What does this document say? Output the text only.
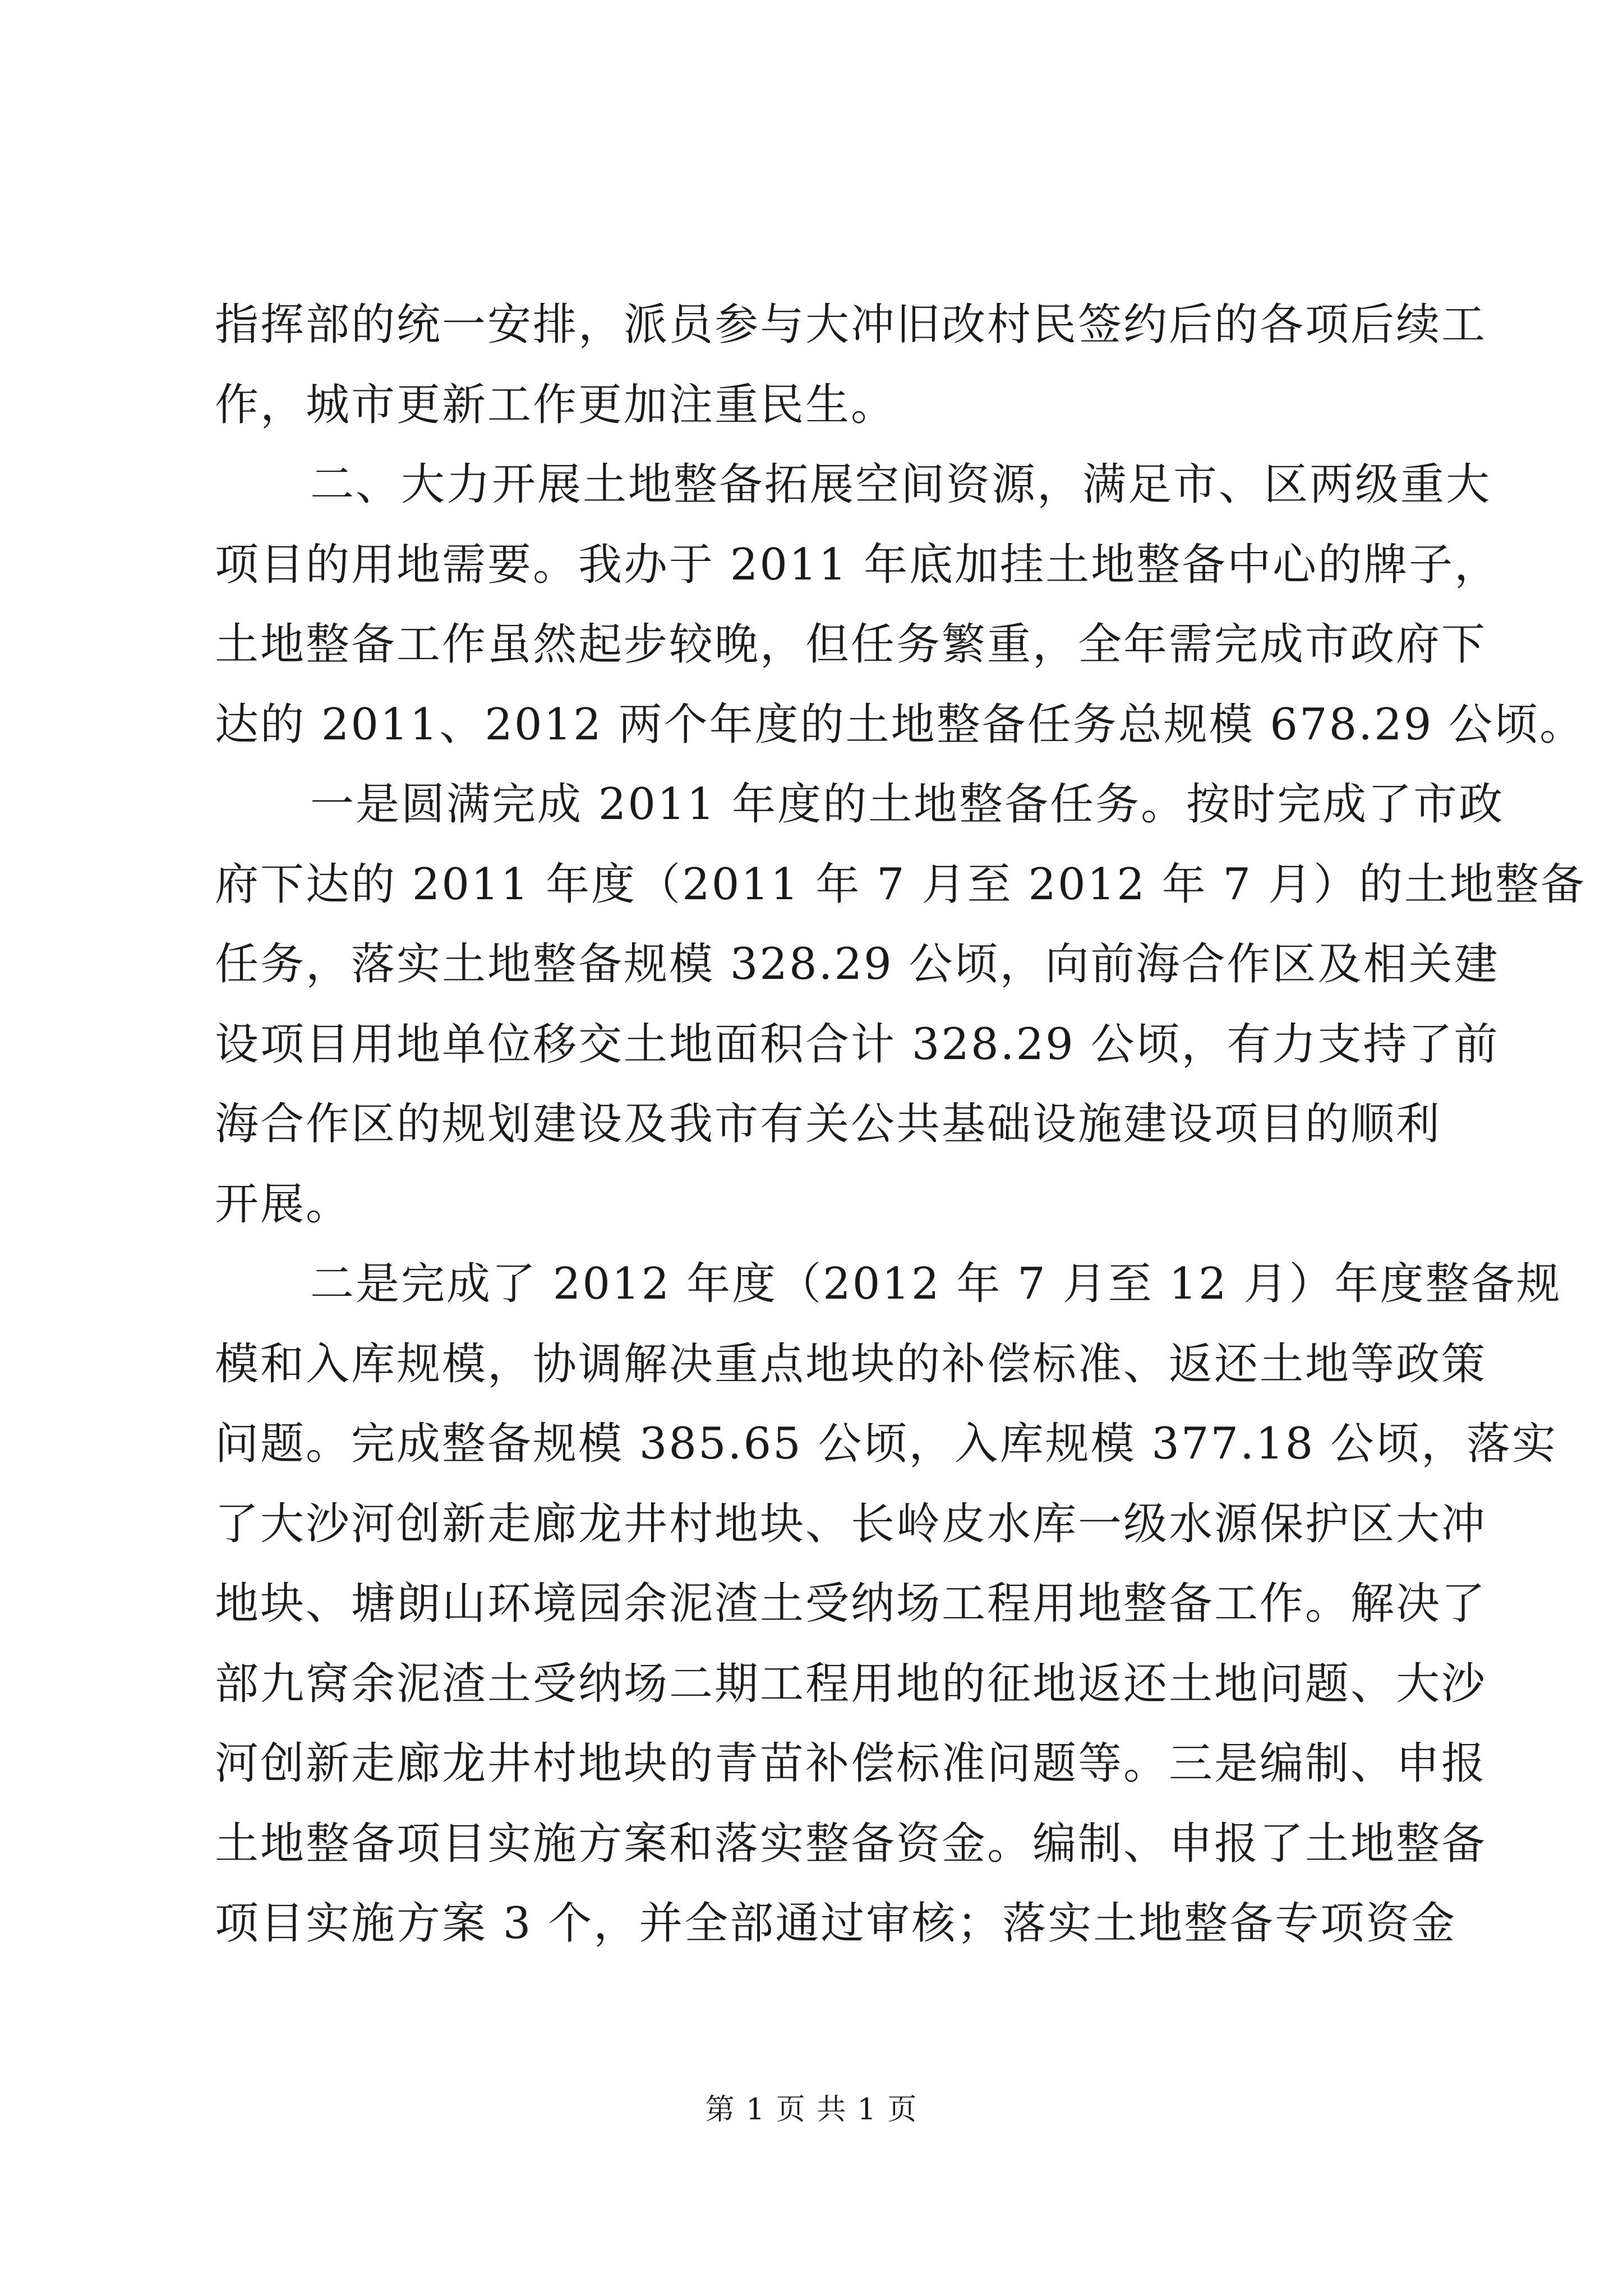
指挥部的统一安排，派员参与大冲旧改村民签约后的各项后续工
作，城市更新工作更加注重民生。
二、大力开展土地整备拓展空间资源，满足市、区两级重大
项目的用地需要。我办于 2011 年底加挂土地整备中心的牌子，
土地整备工作虽然起步较晚，但任务繁重，全年需完成市政府下
达的 2011、2012 两个年度的土地整备任务总规模 678.29 公顷。
一是圆满完成 2011 年度的土地整备任务。按时完成了市政
府下达的 2011 年度（2011 年 7 月至 2012 年 7 月）的土地整备
任务，落实土地整备规模 328.29 公顷，向前海合作区及相关建
设项目用地单位移交土地面积合计 328.29 公顷，有力支持了前
海合作区的规划建设及我市有关公共基础设施建设项目的顺利
开展。
二是完成了 2012 年度（2012 年 7 月至 12 月）年度整备规
模和入库规模，协调解决重点地块的补偿标准、返还土地等政策
问题。完成整备规模 385.65 公顷，入库规模 377.18 公顷，落实
了大沙河创新走廊龙井村地块、长岭皮水库一级水源保护区大冲
地块、塘朗山环境园余泥渣土受纳场工程用地整备工作。解决了
部九窝余泥渣土受纳场二期工程用地的征地返还土地问题、大沙
河创新走廊龙井村地块的青苗补偿标准问题等。三是编制、申报
土地整备项目实施方案和落实整备资金。编制、申报了土地整备
项目实施方案 3 个，并全部通过审核；落实土地整备专项资金
第 1 页 共 1 页
